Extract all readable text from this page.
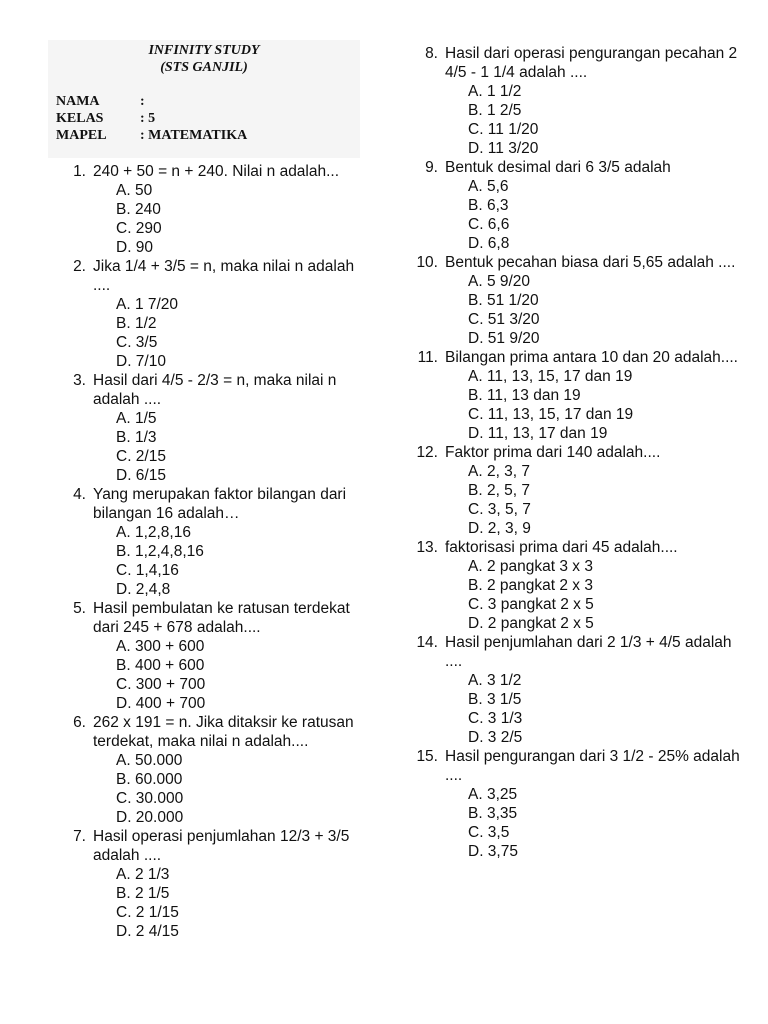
INFINITY STUDY
(STS GANJIL)
NAMA	:
KELAS	: 5
MAPEL : MATEMATIKA
1. 240 + 50 = n + 240. Nilai n adalah...
A. 50
B. 240
C. 290
D. 90
2. Jika 1/4 + 3/5 = n, maka nilai n adalah ....
A. 1 7/20
B. 1/2
C. 3/5
D. 7/10
3. Hasil dari 4/5 - 2/3 = n, maka nilai n adalah ....
A. 1/5
B. 1/3
C. 2/15
D. 6/15
4. Yang merupakan faktor bilangan dari bilangan 16 adalah…
A. 1,2,8,16
B. 1,2,4,8,16
C. 1,4,16
D. 2,4,8
5. Hasil pembulatan ke ratusan terdekat dari 245 + 678 adalah....
A. 300 + 600
B. 400 + 600
C. 300 + 700
D. 400 + 700
6. 262 x 191 = n. Jika ditaksir ke ratusan terdekat, maka nilai n adalah....
A. 50.000
B. 60.000
C. 30.000
D. 20.000
7. Hasil operasi penjumlahan 12/3 + 3/5 adalah ....
A. 2 1/3
B. 2 1/5
C. 2 1/15
D. 2 4/15
8. Hasil dari operasi pengurangan pecahan 2 4/5 - 1 1/4 adalah ....
A. 1 1/2
B. 1 2/5
C. 11 1/20
D. 11 3/20
9. Bentuk desimal dari 6 3/5 adalah
A. 5,6
B. 6,3
C. 6,6
D. 6,8
10. Bentuk pecahan biasa dari 5,65 adalah ....
A. 5 9/20
B. 51 1/20
C. 51 3/20
D. 51 9/20
11. Bilangan prima antara 10 dan 20 adalah....
A. 11, 13, 15, 17 dan 19
B. 11, 13 dan 19
C. 11, 13, 15, 17 dan 19
D. 11, 13, 17 dan 19
12. Faktor prima dari 140 adalah....
A. 2, 3, 7
B. 2, 5, 7
C. 3, 5, 7
D. 2, 3, 9
13. faktorisasi prima dari 45 adalah....
A. 2 pangkat 3 x 3
B. 2 pangkat 2 x 3
C. 3 pangkat 2 x 5
D. 2 pangkat 2 x 5
14. Hasil penjumlahan dari 2 1/3 + 4/5 adalah ....
A. 3 1/2
B. 3 1/5
C. 3 1/3
D. 3 2/5
15. Hasil pengurangan dari 3 1/2 - 25% adalah ....
A. 3,25
B. 3,35
C. 3,5
D. 3,75
